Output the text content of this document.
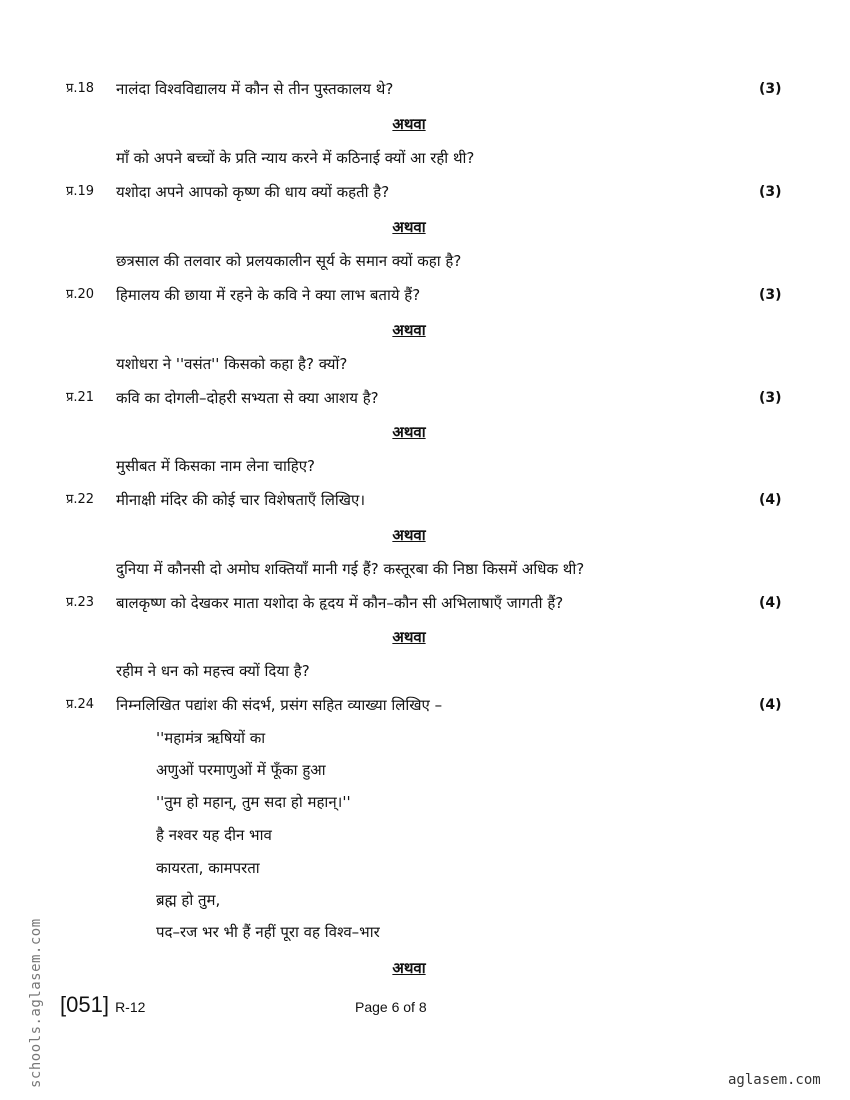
प्र.18 नालंदा विश्वविद्यालय में कौन से तीन पुस्तकालय थे?	(3)
अथवा
माँ को अपने बच्चों के प्रति न्याय करने में कठिनाई क्यों आ रही थी?
प्र.19 यशोदा अपने आपको कृष्ण की धाय क्यों कहती है?	(3)
अथवा
छत्रसाल की तलवार को प्रलयकालीन सूर्य के समान क्यों कहा है?
प्र.20 हिमालय की छाया में रहने के कवि ने क्या लाभ बताये हैं?	(3)
अथवा
यशोधरा ने ''वसंत'' किसको कहा है? क्यों?
प्र.21 कवि का दोगली–दोहरी सभ्यता से क्या आशय है?	(3)
अथवा
मुसीबत में किसका नाम लेना चाहिए?
प्र.22 मीनाक्षी मंदिर की कोई चार विशेषताएँ लिखिए।	(4)
अथवा
दुनिया में कौनसी दो अमोघ शक्तियाँ मानी गई हैं? कस्तूरबा की निष्ठा किसमें अधिक थी?
प्र.23 बालकृष्ण को देखकर माता यशोदा के हृदय में कौन–कौन सी अभिलाषाएँ जागती हैं?	(4)
अथवा
रहीम ने धन को महत्त्व क्यों दिया है?
प्र.24 निम्नलिखित पद्यांश की संदर्भ, प्रसंग सहित व्याख्या लिखिए –	(4)
''महामंत्र ऋषियों का
अणुओं परमाणुओं में फूँका हुआ
''तुम हो महान्, तुम सदा हो महान्।''
है नश्वर यह दीन भाव
कायरता, कामपरता
ब्रह्म हो तुम,
पद–रज भर भी हैं नहीं पूरा वह विश्व–भार
अथवा
[051] R-12	Page 6 of 8
schools.aglasem.com	aglasem.com
